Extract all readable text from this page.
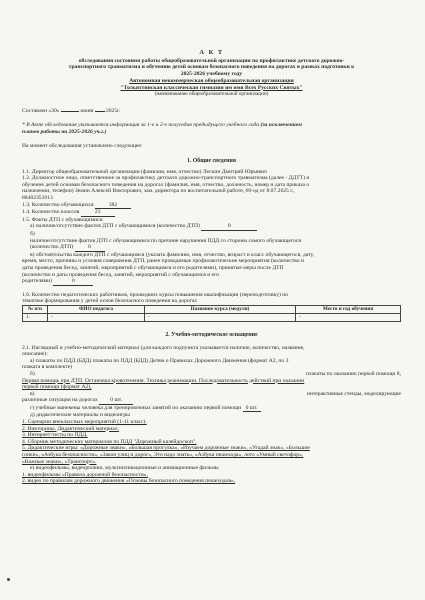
А К Т
обследования состояния работы общеобразовательной организации по профилактике детского дорожно-
транспортного травматизма и обучению детей основам безопасного поведения на дорогах в рамках подготовки к
2025-2026 учебному году
Автономная некоммерческая общеобразовательная организация
"Тольяттинская классическая гимназия им имя Всех Русских Святых"
(наименование общеобразовательной организации)
Составлен «30»	июня 2025г.

* В Акте обследования указывается информация за 1-е и 2-е полугодия предыдущего учебного года (за исключением

планов работы на 2025-2026 уч.г.)

На момент обследования установлено следующее:

1. Общие сведения

1.1. Директор общеобразовательной организации (фамилия, имя, отчество) Лескин Дмитрий Юрьевич

1.2. Должностное лицо, ответственное за профилактику детского дорожно-транспортного травматизма (далее - ДДТТ) и

обучение детей основам безопасного поведения на дорогах (фамилия, имя, отчество, должность, номер и дата приказа о

назначении, телефон) Земин Алексей Викторович, зам. директора по воспитательной работе, 69-од от 8.07.2025 г.,

88482351013

1.3. Количество обучающихся	382

1.4. Количество классов	23

1.5. Факты ДТП с обучающимися:

а) наличие/отсутствие фактов ДТП с обучающимися (количество ДТП)	0

б)

наличие/отсутствие фактов ДТП с обучающимися по причине нарушения ПДД со стороны самого обучающегося

(количество ДТП)	0

в) обстоятельства каждого ДТП с обучающимся (указать фамилию, имя, отчество, возраст и класс обучающегося, дату,

время, место, причины и условия совершения ДТП, ранее проводимые профилактические мероприятия (количество и

даты проведения бесед, занятий, мероприятий с обучающимся и его родителями), принятые меры после ДТП

(количество и даты проведения бесед, занятий, мероприятий с обучающимся и его

родителями)	0

1.6. Количество педагогических работников, прошедших курсы повышения квалификации (переподготовку) по

тематике формирования у детей основ безопасного поведения на дорогах

№ п/п	ФИО педагога	Название курса (модули)	Место и год обучения
1.	-	-	-
2. Учебно-методическое оснащение

2.1. Наглядный и учебно-методический материал (для каждого подпункта указывается наличие, количество, название,

описание):

а) плакаты по ПДД (БДД) плакаты по ПДД (БДД) Детям о Правилах Дорожного Движения (формат А2, по 3

плаката в комплекте)

б)	плакаты по оказанию первой помощи 8,

Первая помощь при ДТП. Остановка кровотечения. Техника реанимации. Последовательность действий при оказании

первой помощи (формат А2),

в)	интерактивные стенды, моделирующие

различные ситуации на дорогах 0 шт.

г) учебные манекены человека для тренировочных занятий по оказанию первой помощи 0 шт.

д) дидактические материалы и видеоигры

1. Сценарии внеклассных мероприятий (1-11 класс).

2. Викторины. Дидактический материал.

3. Интернет-тесты по ПДД.

4. Сборник методических материалов по ПДД "Дорожный калейдоскоп".

5. Дидактические игры: «Дорожные знаки», «Большая прогулка», «Изучаем дорожные знаки», «Угадай знак», «Большие

гонки», «Азбука безопасности», «Закон улиц и дорог», Это надо знать», «Азбука пешехода», лото «Умный светофор»,

«Важные знаки», «Транспорт».

е) видеофильмы, видеоролики, мультипликационные и анимационные фильмы

1. видеофильмы «Правила дорожной безопасности»,

2. видео по правилам дорожного движения «Основы безопасного поведения пешеходов»,
